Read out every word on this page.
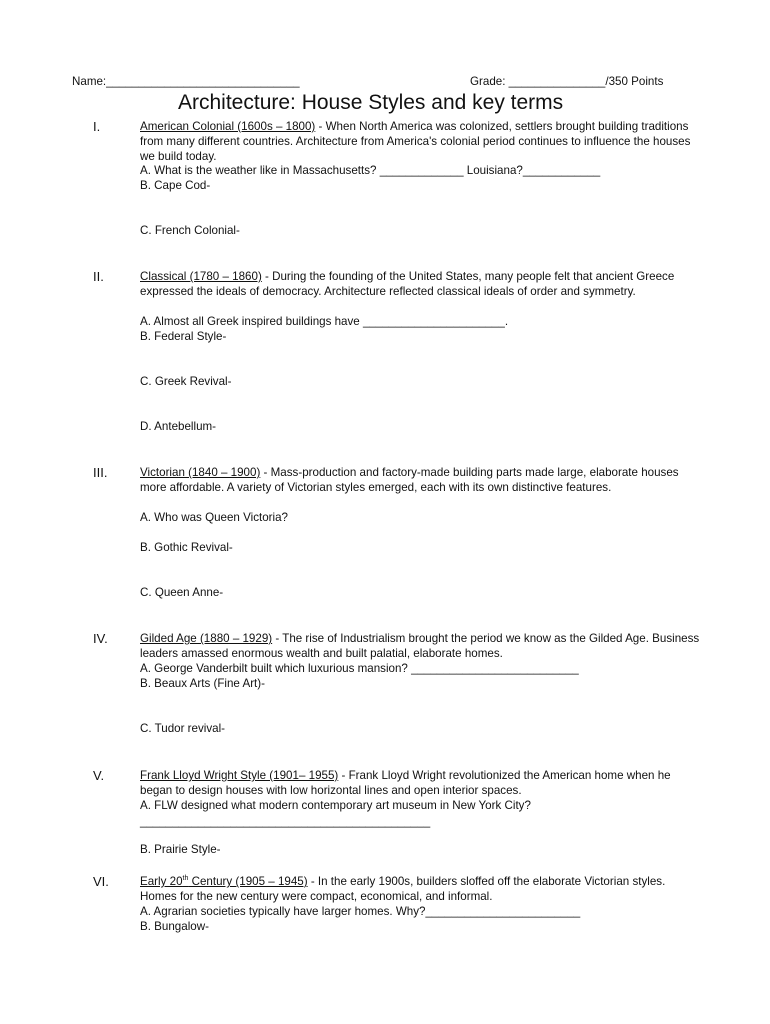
Name:______________________________	Grade: _______________/350 Points
Architecture: House Styles and key terms
I.	American Colonial (1600s – 1800) - When North America was colonized, settlers brought building traditions from many different countries. Architecture from America's colonial period continues to influence the houses we build today.
A. What is the weather like in Massachusetts? _____________ Louisiana?____________
B. Cape Cod-
C. French Colonial-
II.	Classical (1780 – 1860) - During the founding of the United States, many people felt that ancient Greece expressed the ideals of democracy. Architecture reflected classical ideals of order and symmetry.
A. Almost all Greek inspired buildings have ______________________.
B. Federal Style-
C. Greek Revival-
D. Antebellum-
III.	Victorian (1840 – 1900) - Mass-production and factory-made building parts made large, elaborate houses more affordable. A variety of Victorian styles emerged, each with its own distinctive features.
A. Who was Queen Victoria?
B. Gothic Revival-
C. Queen Anne-
IV.	Gilded Age (1880 – 1929) - The rise of Industrialism brought the period we know as the Gilded Age. Business leaders amassed enormous wealth and built palatial, elaborate homes.
A. George Vanderbilt built which luxurious mansion? __________________________
B. Beaux Arts (Fine Art)-
C. Tudor revival-
V.	Frank Lloyd Wright Style (1901– 1955) - Frank Lloyd Wright revolutionized the American home when he began to design houses with low horizontal lines and open interior spaces.
A. FLW designed what modern contemporary art museum in New York City?
_____________________________________________
B. Prairie Style-
VI.	Early 20th Century (1905 – 1945) - In the early 1900s, builders sloffed off the elaborate Victorian styles. Homes for the new century were compact, economical, and informal.
A. Agrarian societies typically have larger homes. Why?________________________
B. Bungalow-
